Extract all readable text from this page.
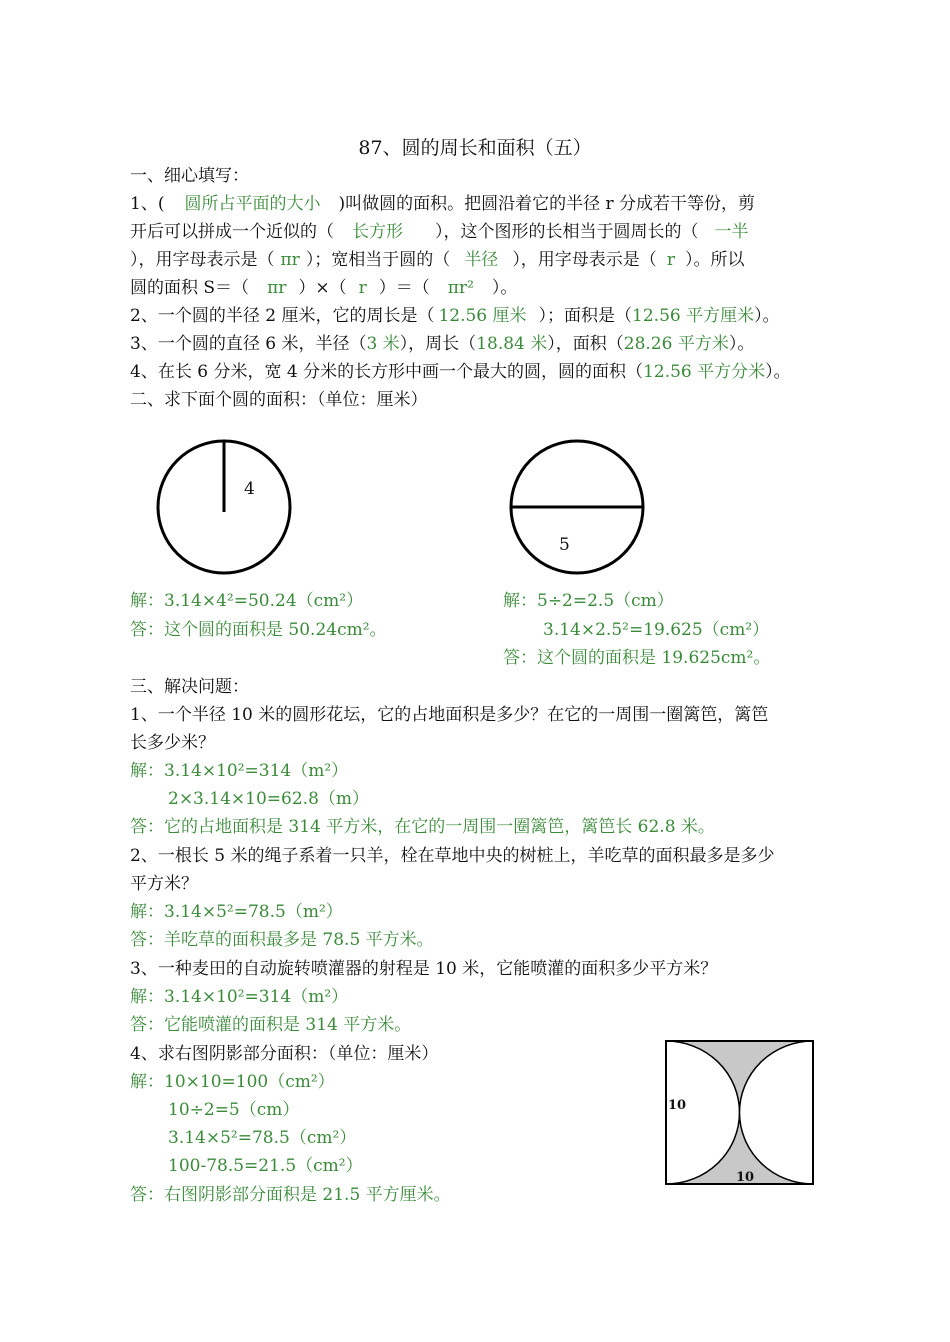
87、圆的周长和面积（五）
一、细心填写：
1、( 圆所占平面的大小 )叫做圆的面积。把圆沿着它的半径 r 分成若干等份，剪
开后可以拼成一个近似的（ 长方形 ），这个图形的长相当于圆周长的（ 一半
），用字母表示是（ πr ）；宽相当于圆的（ 半径 ），用字母表示是（ r ）。所以
圆的面积 S＝（ πr ）×（ r ）＝（ πr² ）。
2、一个圆的半径 2 厘米，它的周长是（ 12.56 厘米 ）；面积是（12.56 平方厘米）。
3、一个圆的直径 6 米，半径（3 米），周长（18.84 米），面积（28.26 平方米）。
4、在长 6 分米，宽 4 分米的长方形中画一个最大的圆，圆的面积（12.56 平方分米）。
二、求下面个圆的面积：（单位：厘米）
4
5
解：3.14×4²=50.24（cm²）
答：这个圆的面积是 50.24cm²。
解：5÷2=2.5（cm）
3.14×2.5²=19.625（cm²）
答：这个圆的面积是 19.625cm²。
三、解决问题：
1、一个半径 10 米的圆形花坛，它的占地面积是多少？在它的一周围一圈篱笆，篱笆
长多少米？
解：3.14×10²=314（m²）
2×3.14×10=62.8（m）
答：它的占地面积是 314 平方米，在它的一周围一圈篱笆，篱笆长 62.8 米。
2、一根长 5 米的绳子系着一只羊，栓在草地中央的树桩上，羊吃草的面积最多是多少
平方米？
解：3.14×5²=78.5（m²）
答：羊吃草的面积最多是 78.5 平方米。
3、一种麦田的自动旋转喷灌器的射程是 10 米，它能喷灌的面积多少平方米？
解：3.14×10²=314（m²）
答：它能喷灌的面积是 314 平方米。
4、求右图阴影部分面积：（单位：厘米）
解：10×10=100（cm²）
10÷2=5（cm）
3.14×5²=78.5（cm²）
100-78.5=21.5（cm²）
答：右图阴影部分面积是 21.5 平方厘米。
10
10
